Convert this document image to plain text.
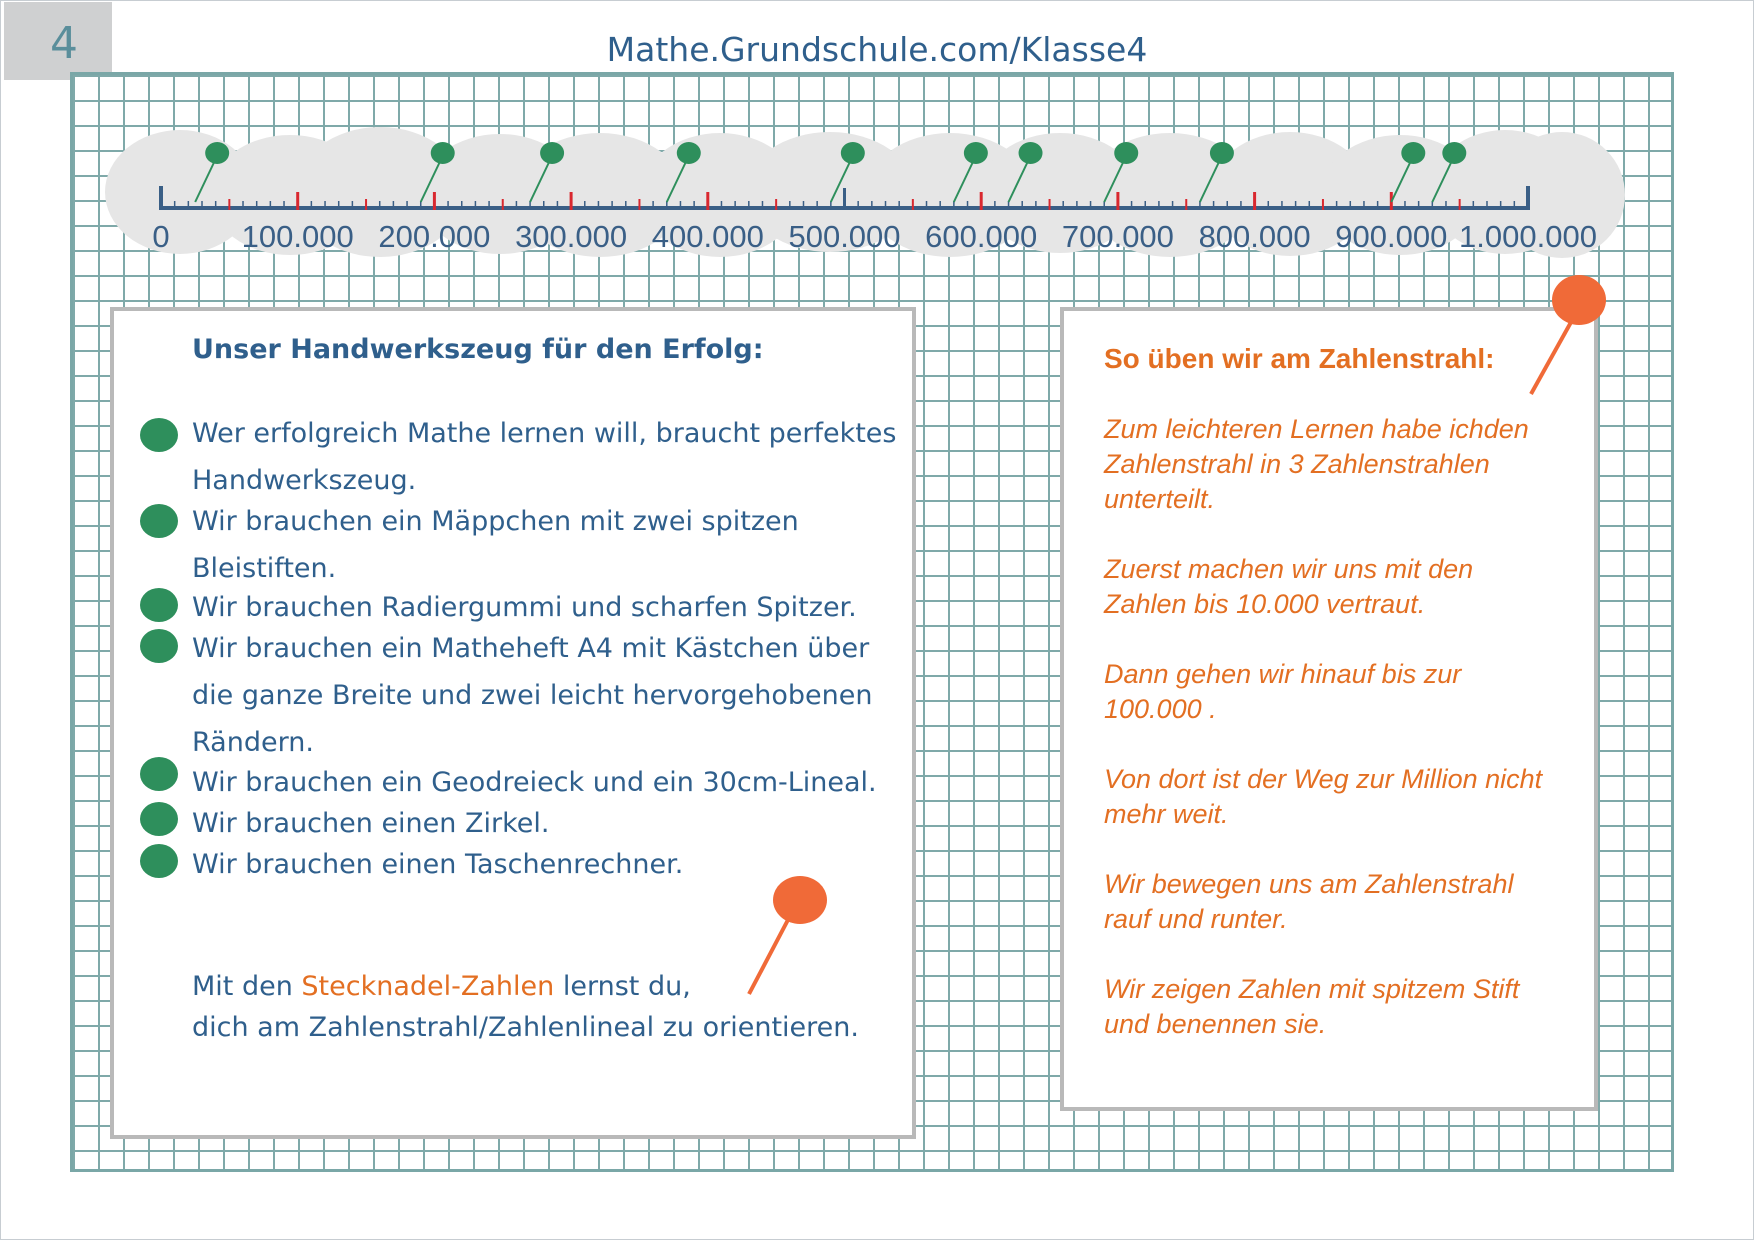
4	Mathe.Grundschule.com/Klasse4
0 100.000 200.000 300.000 400.000 500.000 600.000 700.000 800.000 900.000 1.000.000
Unser Handwerkszeug für den Erfolg:
Wer erfolgreich Mathe lernen will, braucht perfektes Handwerkszeug.
Wir brauchen ein Mäppchen mit zwei spitzen Bleistiften.
Wir brauchen Radiergummi und scharfen Spitzer.
Wir brauchen ein Matheheft A4 mit Kästchen über die ganze Breite und zwei leicht hervorgehobenen Rändern.
Wir brauchen ein Geodreieck und ein 30cm-Lineal.
Wir brauchen einen Zirkel.
Wir brauchen einen Taschenrechner.
Mit den Stecknadel-Zahlen lernst du,
dich am Zahlenstrahl/Zahlenlineal zu orientieren.
So üben wir am Zahlenstrahl:
Zum leichteren Lernen habe ichden
Zahlenstrahl in 3 Zahlenstrahlen
unterteilt.
Zuerst machen wir uns mit den
Zahlen bis 10.000 vertraut.
Dann gehen wir hinauf bis zur
100.000 .
Von dort ist der Weg zur Million nicht
mehr weit.
Wir bewegen uns am Zahlenstrahl
rauf und runter.
Wir zeigen Zahlen mit spitzem Stift
und benennen sie.
